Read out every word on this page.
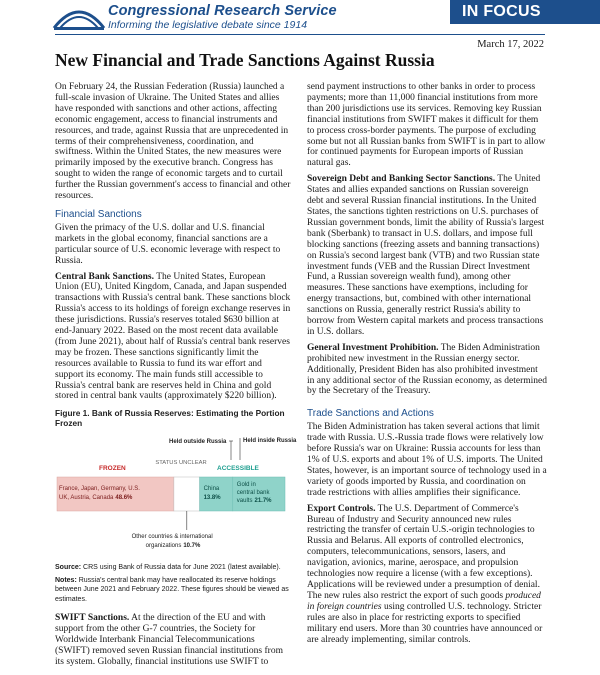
Congressional Research Service
Informing the legislative debate since 1914
IN FOCUS
March 17, 2022
New Financial and Trade Sanctions Against Russia

On February 24, the Russian Federation (Russia) launched a full-scale invasion of Ukraine. The United States and allies have responded with sanctions and other actions, affecting economic engagement, access to financial instruments and resources, and trade, against Russia that are unprecedented in terms of their comprehensiveness, coordination, and swiftness. Within the United States, the new measures were primarily imposed by the executive branch. Congress has sought to widen the range of economic targets and to curtail further the Russian government's access to financial and other resources.

Financial Sanctions

Given the primacy of the U.S. dollar and U.S. financial markets in the global economy, financial sanctions are a particular source of U.S. economic leverage with respect to Russia.

Central Bank Sanctions. The United States, European Union (EU), United Kingdom, Canada, and Japan suspended transactions with Russia's central bank. These sanctions block Russia's access to its holdings of foreign exchange reserves in these jurisdictions. Russia's reserves totaled $630 billion at end-January 2022. Based on the most recent data available (from June 2021), about half of Russia's central bank reserves may be frozen. These sanctions significantly limit the resources available to Russia to fund its war effort and support its economy. The main funds still accessible to Russia's central bank are reserves held in China and gold stored in central bank vaults (approximately $220 billion).

Figure 1. Bank of Russia Reserves: Estimating the Portion Frozen
Held outside Russia	Held inside Russia
FROZEN
STATUS UNCLEAR
ACCESSIBLE
France, Japan, Germany, U.S. UK, Austria, Canada 48.6%
China 13.8%
Gold in central bank vaults 21.7%
Other countries & international organizations 10.7%
Source: CRS using Bank of Russia data for June 2021 (latest available).
Notes: Russia's central bank may have reallocated its reserve holdings between June 2021 and February 2022. These figures should be viewed as estimates.

SWIFT Sanctions. At the direction of the EU and with support from the other G-7 countries, the Society for Worldwide Interbank Financial Telecommunications (SWIFT) removed seven Russian financial institutions from its system. Globally, financial institutions use SWIFT to

send payment instructions to other banks in order to process payments; more than 11,000 financial institutions from more than 200 jurisdictions use its services. Removing key Russian financial institutions from SWIFT makes it difficult for them to process cross-border payments. The purpose of excluding some but not all Russian banks from SWIFT is in part to allow for continued payments for European imports of Russian natural gas.

Sovereign Debt and Banking Sector Sanctions. The United States and allies expanded sanctions on Russian sovereign debt and several Russian financial institutions. In the United States, the sanctions tighten restrictions on U.S. purchases of Russian government bonds, limit the ability of Russia's largest bank (Sberbank) to transact in U.S. dollars, and impose full blocking sanctions (freezing assets and banning transactions) on Russia's second largest bank (VTB) and two Russian state investment funds (VEB and the Russian Direct Investment Fund, a Russian sovereign wealth fund), among other measures. These sanctions have exemptions, including for energy transactions, but, combined with other international sanctions on Russia, generally restrict Russia's ability to borrow from Western capital markets and process transactions in U.S. dollars.

General Investment Prohibition. The Biden Administration prohibited new investment in the Russian energy sector. Additionally, President Biden has also prohibited investment in any additional sector of the Russian economy, as determined by the Secretary of the Treasury.

Trade Sanctions and Actions

The Biden Administration has taken several actions that limit trade with Russia. U.S.-Russia trade flows were relatively low before Russia's war on Ukraine: Russia accounts for less than 1% of U.S. exports and about 1% of U.S. imports. The United States, however, is an important source of technology used in a variety of goods imported by Russia, and coordination on trade restrictions with allies amplifies their significance.

Export Controls. The U.S. Department of Commerce's Bureau of Industry and Security announced new rules restricting the transfer of certain U.S.-origin technologies to Russia and Belarus. All exports of controlled electronics, computers, telecommunications, sensors, lasers, and navigation, avionics, marine, aerospace, and propulsion technologies now require a license (with a few exceptions). Applications will be reviewed under a presumption of denial. The new rules also restrict the export of such goods produced in foreign countries using controlled U.S. technology. Stricter rules are also in place for restricting exports to specified military end users. More than 30 countries have announced or are already implementing, similar controls.
